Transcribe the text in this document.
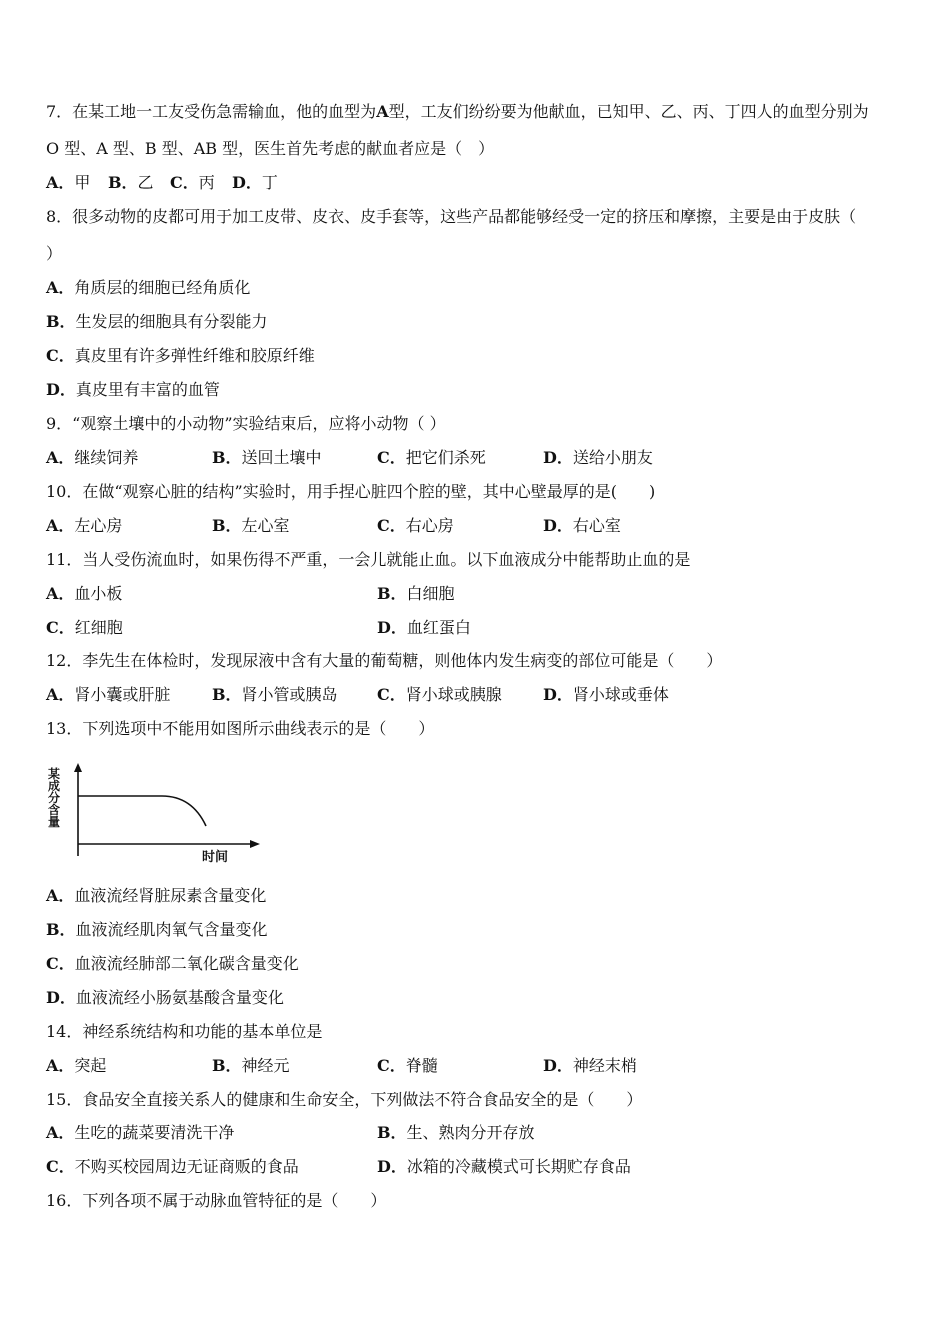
7．在某工地一工友受伤急需输血，他的血型为A型，工友们纷纷要为他献血，已知甲、乙、丙、丁四人的血型分别为
O 型、A 型、B 型、AB 型，医生首先考虑的献血者应是（　）
A．甲 B．乙 C．丙 D．丁
8．很多动物的皮都可用于加工皮带、皮衣、皮手套等，这些产品都能够经受一定的挤压和摩擦，主要是由于皮肤（
）
A．角质层的细胞已经角质化
B．生发层的细胞具有分裂能力
C．真皮里有许多弹性纤维和胶原纤维
D．真皮里有丰富的血管
9．“观察土壤中的小动物”实验结束后，应将小动物（ ）
A．继续饲养	B．送回土壤中	C．把它们杀死	D．送给小朋友
10．在做“观察心脏的结构”实验时，用手捏心脏四个腔的壁，其中心壁最厚的是(　　)
A．左心房	B．左心室	C．右心房	D．右心室
11．当人受伤流血时，如果伤得不严重，一会儿就能止血。以下血液成分中能帮助止血的是
A．血小板	B．白细胞
C．红细胞	D．血红蛋白
12．李先生在体检时，发现尿液中含有大量的葡萄糖，则他体内发生病变的部位可能是（　　）
A．肾小囊或肝脏	B．肾小管或胰岛 C．肾小球或胰腺	D．肾小球或垂体
13．下列选项中不能用如图所示曲线表示的是（　　）
某成分含量
时间
A．血液流经肾脏尿素含量变化
B．血液流经肌肉氧气含量变化
C．血液流经肺部二氧化碳含量变化
D．血液流经小肠氨基酸含量变化
14．神经系统结构和功能的基本单位是
A．突起	B．神经元	C．脊髓	D．神经末梢
15．食品安全直接关系人的健康和生命安全，下列做法不符合食品安全的是（　　）
A．生吃的蔬菜要清洗干净	B．生、熟肉分开存放
C．不购买校园周边无证商贩的食品	D．冰箱的冷藏模式可长期贮存食品
16．下列各项不属于动脉血管特征的是（　　）
